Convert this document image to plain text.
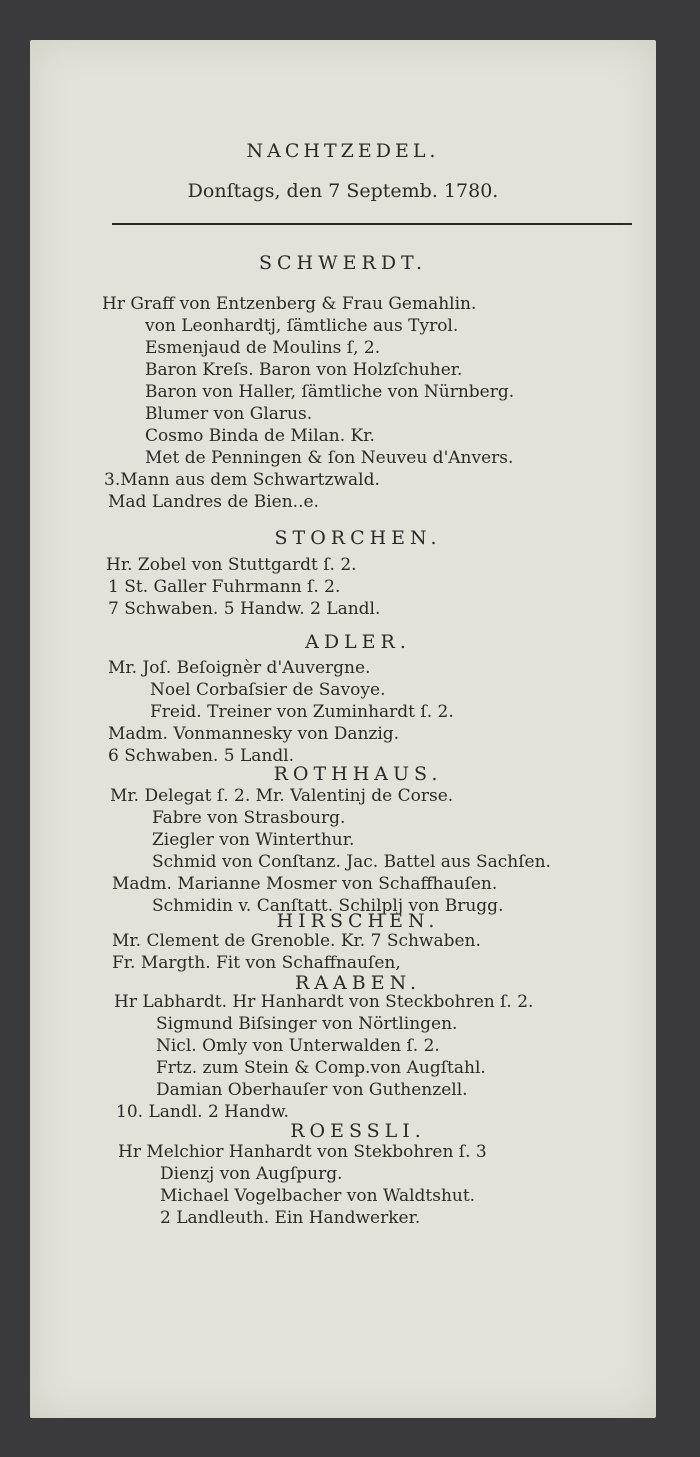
NACHTZEDEL.
Donſtags, den 7 Septemb. 1780.
SCHWERDT.
Hr Graff von Entzenberg & Frau Gemahlin.
von Leonhardtj, ſämtliche aus Tyrol.
Esmenjaud de Moulins ſ, 2.
Baron Kreſs. Baron von Holzſchuher.
Baron von Haller, ſämtliche von Nürnberg.
Blumer von Glarus.
Cosmo Binda de Milan. Kr.
Met de Penningen & ſon Neuveu d'Anvers.
3.Mann aus dem Schwartzwald.
Mad Landres de Bien..e.
STORCHEN.
Hr. Zobel von Stuttgardt ſ. 2.
1 St. Galler Fuhrmann ſ. 2.
7 Schwaben. 5 Handw. 2 Landl.
ADLER.
Mr. Joſ. Beſoignèr d'Auvergne.
Noel Corbaſsier de Savoye.
Freid. Treiner von Zuminhardt ſ. 2.
Madm. Vonmannesky von Danzig.
6 Schwaben. 5 Landl.
ROTHHAUS.
Mr. Delegat ſ. 2. Mr. Valentinj de Corse.
Fabre von Strasbourg.
Ziegler von Winterthur.
Schmid von Conſtanz. Jac. Battel aus Sachſen.
Madm. Marianne Mosmer von Schaffhauſen.
Schmidin v. Canſtatt. Schilplj von Brugg.
HIRSCHEN.
Mr. Clement de Grenoble. Kr. 7 Schwaben.
Fr. Margth. Fit von Schaffnauſen,
RAABEN.
Hr Labhardt. Hr Hanhardt von Steckbohren ſ. 2.
Sigmund Biſsinger von Nörtlingen.
Nicl. Omly von Unterwalden ſ. 2.
Frtz. zum Stein & Comp.von Augſtahl.
Damian Oberhauſer von Guthenzell.
10. Landl. 2 Handw.
ROESSLI.
Hr Melchior Hanhardt von Stekbohren ſ. 3
Dienzj von Augſpurg.
Michael Vogelbacher von Waldtshut.
2 Landleuth. Ein Handwerker.
